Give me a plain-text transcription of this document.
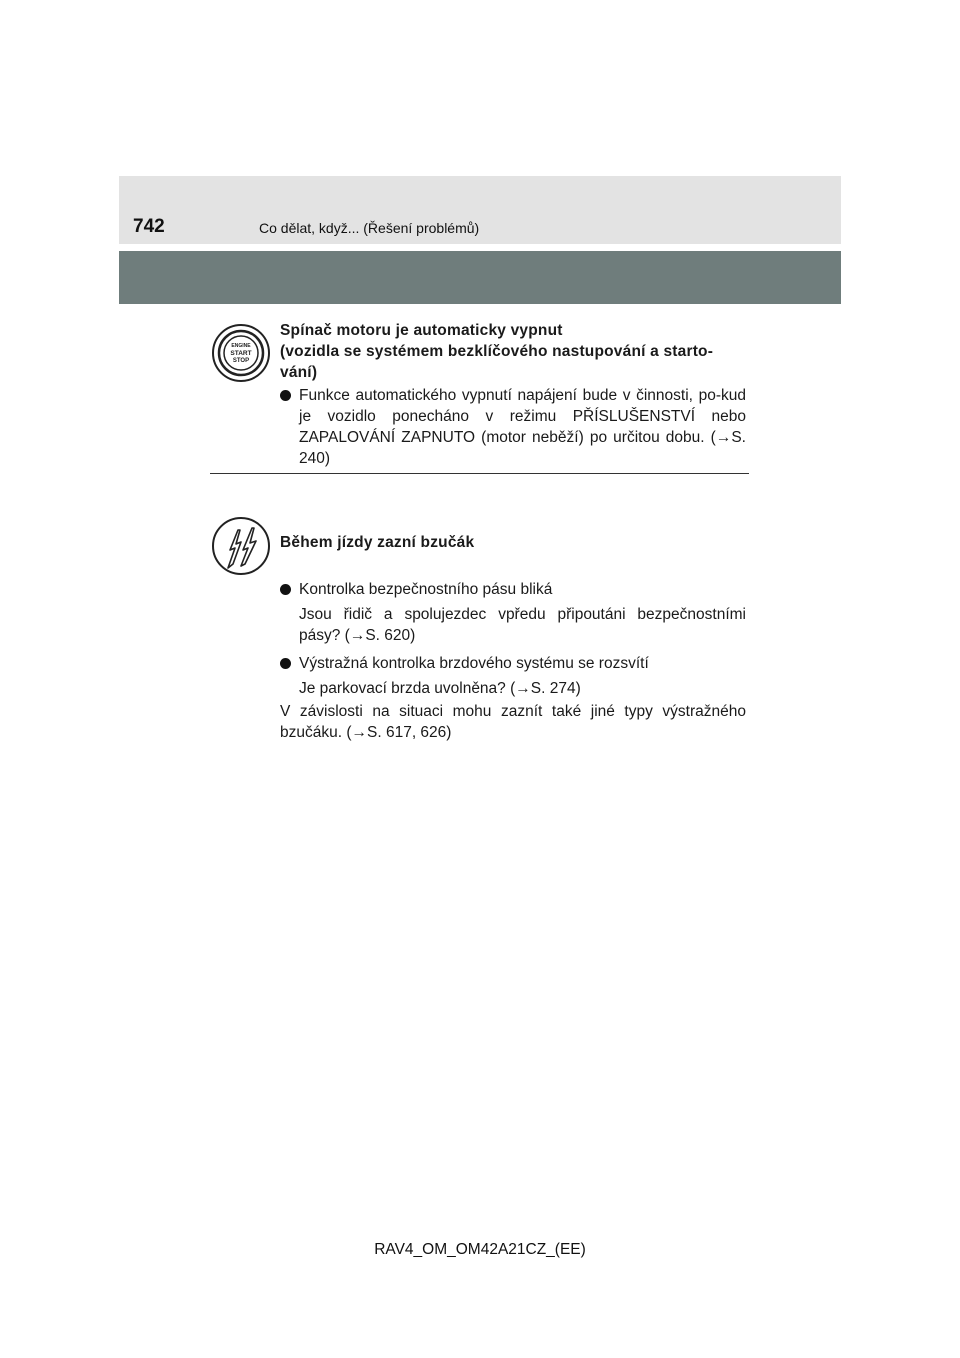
742	Co dělat, když... (Řešení problémů)
ENGINE
START
STOP
Spínač motoru je automaticky vypnut
(vozidla se systémem bezklíčového nastupování a starto-
vání)
Funkce automatického vypnutí napájení bude v činnosti, po-kud je vozidlo ponecháno v režimu PŘÍSLUŠENSTVÍ nebo ZAPALOVÁNÍ ZAPNUTO (motor neběží) po určitou dobu. (→S. 240)
Během jízdy zazní bzučák
Kontrolka bezpečnostního pásu bliká
Jsou řidič a spolujezdec vpředu připoutáni bezpečnostními pásy? (→S. 620)
Výstražná kontrolka brzdového systému se rozsvítí
Je parkovací brzda uvolněna? (→S. 274)
V závislosti na situaci mohu zaznít také jiné typy výstražného bzučáku. (→S. 617, 626)
RAV4_OM_OM42A21CZ_(EE)
